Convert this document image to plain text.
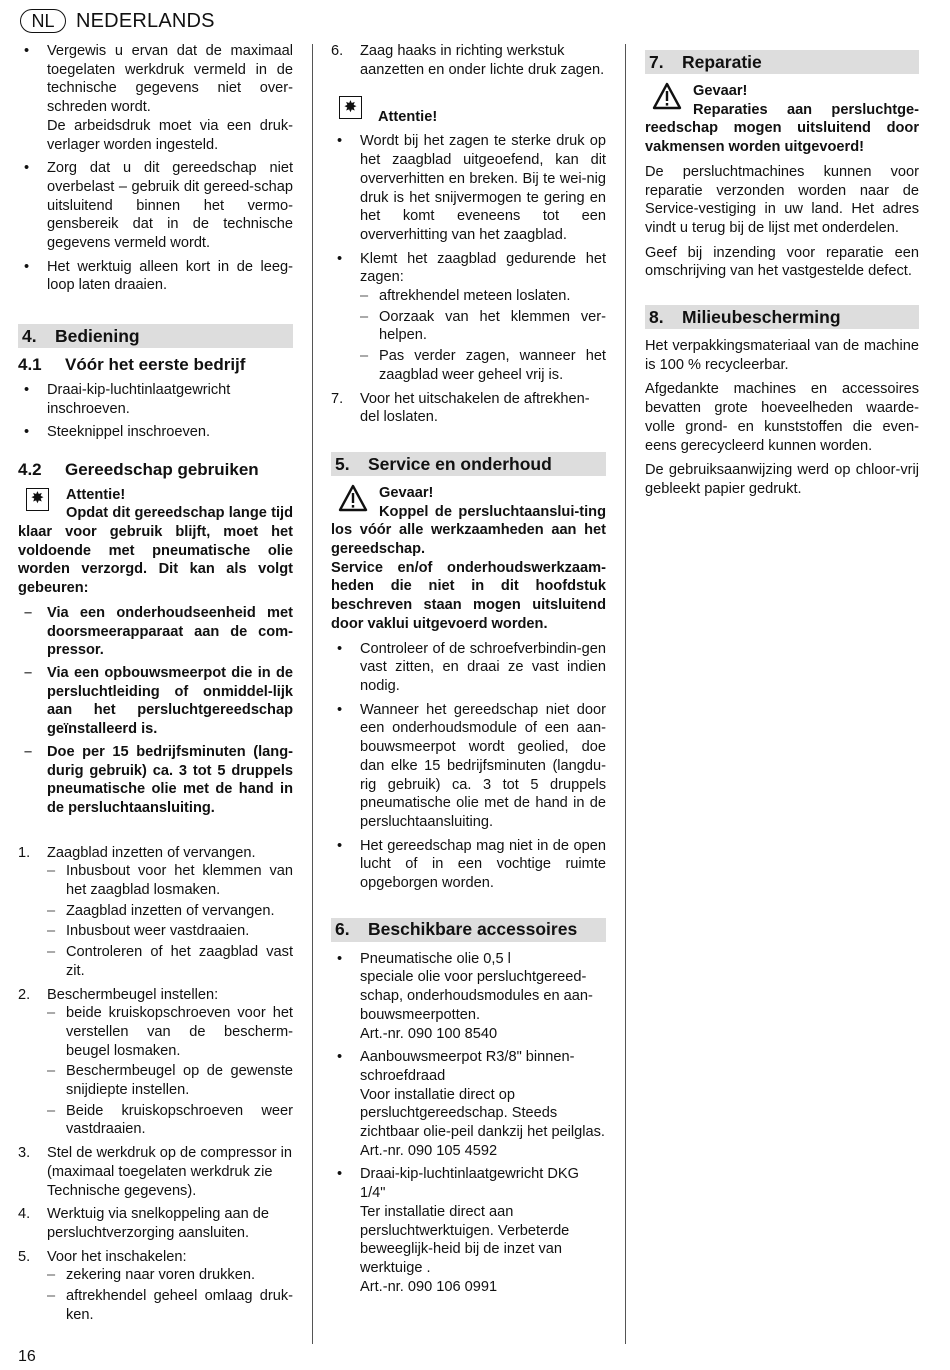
NL	NEDERLANDS
• Vergewis u ervan dat de maximaal toegelaten werkdruk vermeld in de technische gegevens niet over-schreden wordt.
De arbeidsdruk moet via een druk-verlager worden ingesteld.
• Zorg dat u dit gereedschap niet overbelast – gebruik dit gereed-schap uitsluitend binnen het vermo-gensbereik dat in de technische gegevens vermeld wordt.
• Het werktuig alleen kort in de leeg-loop laten draaien.
4.	Bediening
4.1 Vóór het eerste bedrijf
• Draai-kip-luchtinlaatgewricht inschroeven.
• Steeknippel inschroeven.
4.2 Gereedschap gebruiken
✸	Attentie!

Opdat dit gereedschap lange tijd klaar voor gebruik blijft, moet het voldoende met pneumatische olie worden verzorgd. Dit kan als volgt gebeuren:

– Via een onderhoudseenheid met doorsmeerapparaat aan de com-pressor.
– Via een opbouwsmeerpot die in de persluchtleiding of onmiddel-lijk aan het persluchtgereedschap geïnstalleerd is.
– Doe per 15 bedrijfsminuten (lang-durig gebruik) ca. 3 tot 5 druppels pneumatische olie met de hand in de persluchtaansluiting.
1. Zaagblad inzetten of vervangen.
– Inbusbout voor het klemmen van het zaagblad losmaken.
– Zaagblad inzetten of vervangen.
– Inbusbout weer vastdraaien.
– Controleren of het zaagblad vast zit.
2. Beschermbeugel instellen:
– beide kruiskopschroeven voor het verstellen van de bescherm-beugel losmaken.
– Beschermbeugel op de gewenste snijdiepte instellen.
– Beide kruiskopschroeven weer vastdraaien.
3. Stel de werkdruk op de compressor in (maximaal toegelaten werkdruk zie Technische gegevens).
4. Werktuig via snelkoppeling aan de persluchtverzorging aansluiten.
5. Voor het inschakelen:
– zekering naar voren drukken.
– aftrekhendel geheel omlaag druk-ken.
6. Zaag haaks in richting werkstuk aanzetten en onder lichte druk zagen.
✸
Attentie!
• Wordt bij het zagen te sterke druk op het zaagblad uitgeoefend, kan dit oververhitten en breken. Bij te wei-nig druk is het snijvermogen te gering en het komt eveneens tot een oververhitting van het zaagblad.
• Klemt het zaagblad gedurende het zagen:
– aftrekhendel meteen loslaten.
– Oorzaak van het klemmen ver-helpen.
– Pas verder zagen, wanneer het zaagblad weer geheel vrij is.
7. Voor het uitschakelen de aftrekhen-del loslaten.
5.	Service en onderhoud
Gevaar!

Koppel de persluchtaanslui-ting los vóór alle werkzaamheden aan het gereedschap.

Service en/of onderhoudswerkzaam-heden die niet in dit hoofdstuk beschreven staan mogen uitsluitend door vaklui uitgevoerd worden.

• Controleer of de schroefverbindin-gen vast zitten, en draai ze vast indien nodig.
• Wanneer het gereedschap niet door een onderhoudsmodule of een aan-bouwsmeerpot wordt geolied, doe dan elke 15 bedrijfsminuten (langdu-rig gebruik) ca. 3 tot 5 druppels pneumatische olie met de hand in de persluchtaansluiting.
• Het gereedschap mag niet in de open lucht of in een vochtige ruimte opgeborgen worden.
6.	Beschikbare accessoires
• Pneumatische olie 0,5 l
speciale olie voor persluchtgereed-schap, onderhoudsmodules en aan-bouwsmeerpotten.
Art.-nr. 090 100 8540
• Aanbouwsmeerpot R3/8" binnen-schroefdraad
Voor installatie direct op persluchtgereedschap. Steeds zichtbaar olie-peil dankzij het peilglas.
Art.-nr. 090 105 4592
• Draai-kip-luchtinlaatgewricht DKG 1/4"
Ter installatie direct aan persluchtwerktuigen. Verbeterde beweeglijk-heid bij de inzet van werktuige .
Art.-nr. 090 106 0991
7.	Reparatie
Gevaar!

Reparaties aan persluchtge-reedschap mogen uitsluitend door vakmensen worden uitgevoerd!

De persluchtmachines kunnen voor reparatie verzonden worden naar de Service-vestiging in uw land. Het adres vindt u terug bij de lijst met onderdelen.

Geef bij inzending voor reparatie een omschrijving van het vastgestelde defect.

8.	Milieubescherming

Het verpakkingsmateriaal van de machine is 100 % recycleerbar.

Afgedankte machines en accessoires bevatten grote hoeveelheden waarde-volle grond- en kunststoffen die even-eens gerecycleerd kunnen worden.

De gebruiksaanwijzing werd op chloor-vrij gebleekt papier gedrukt.

16
